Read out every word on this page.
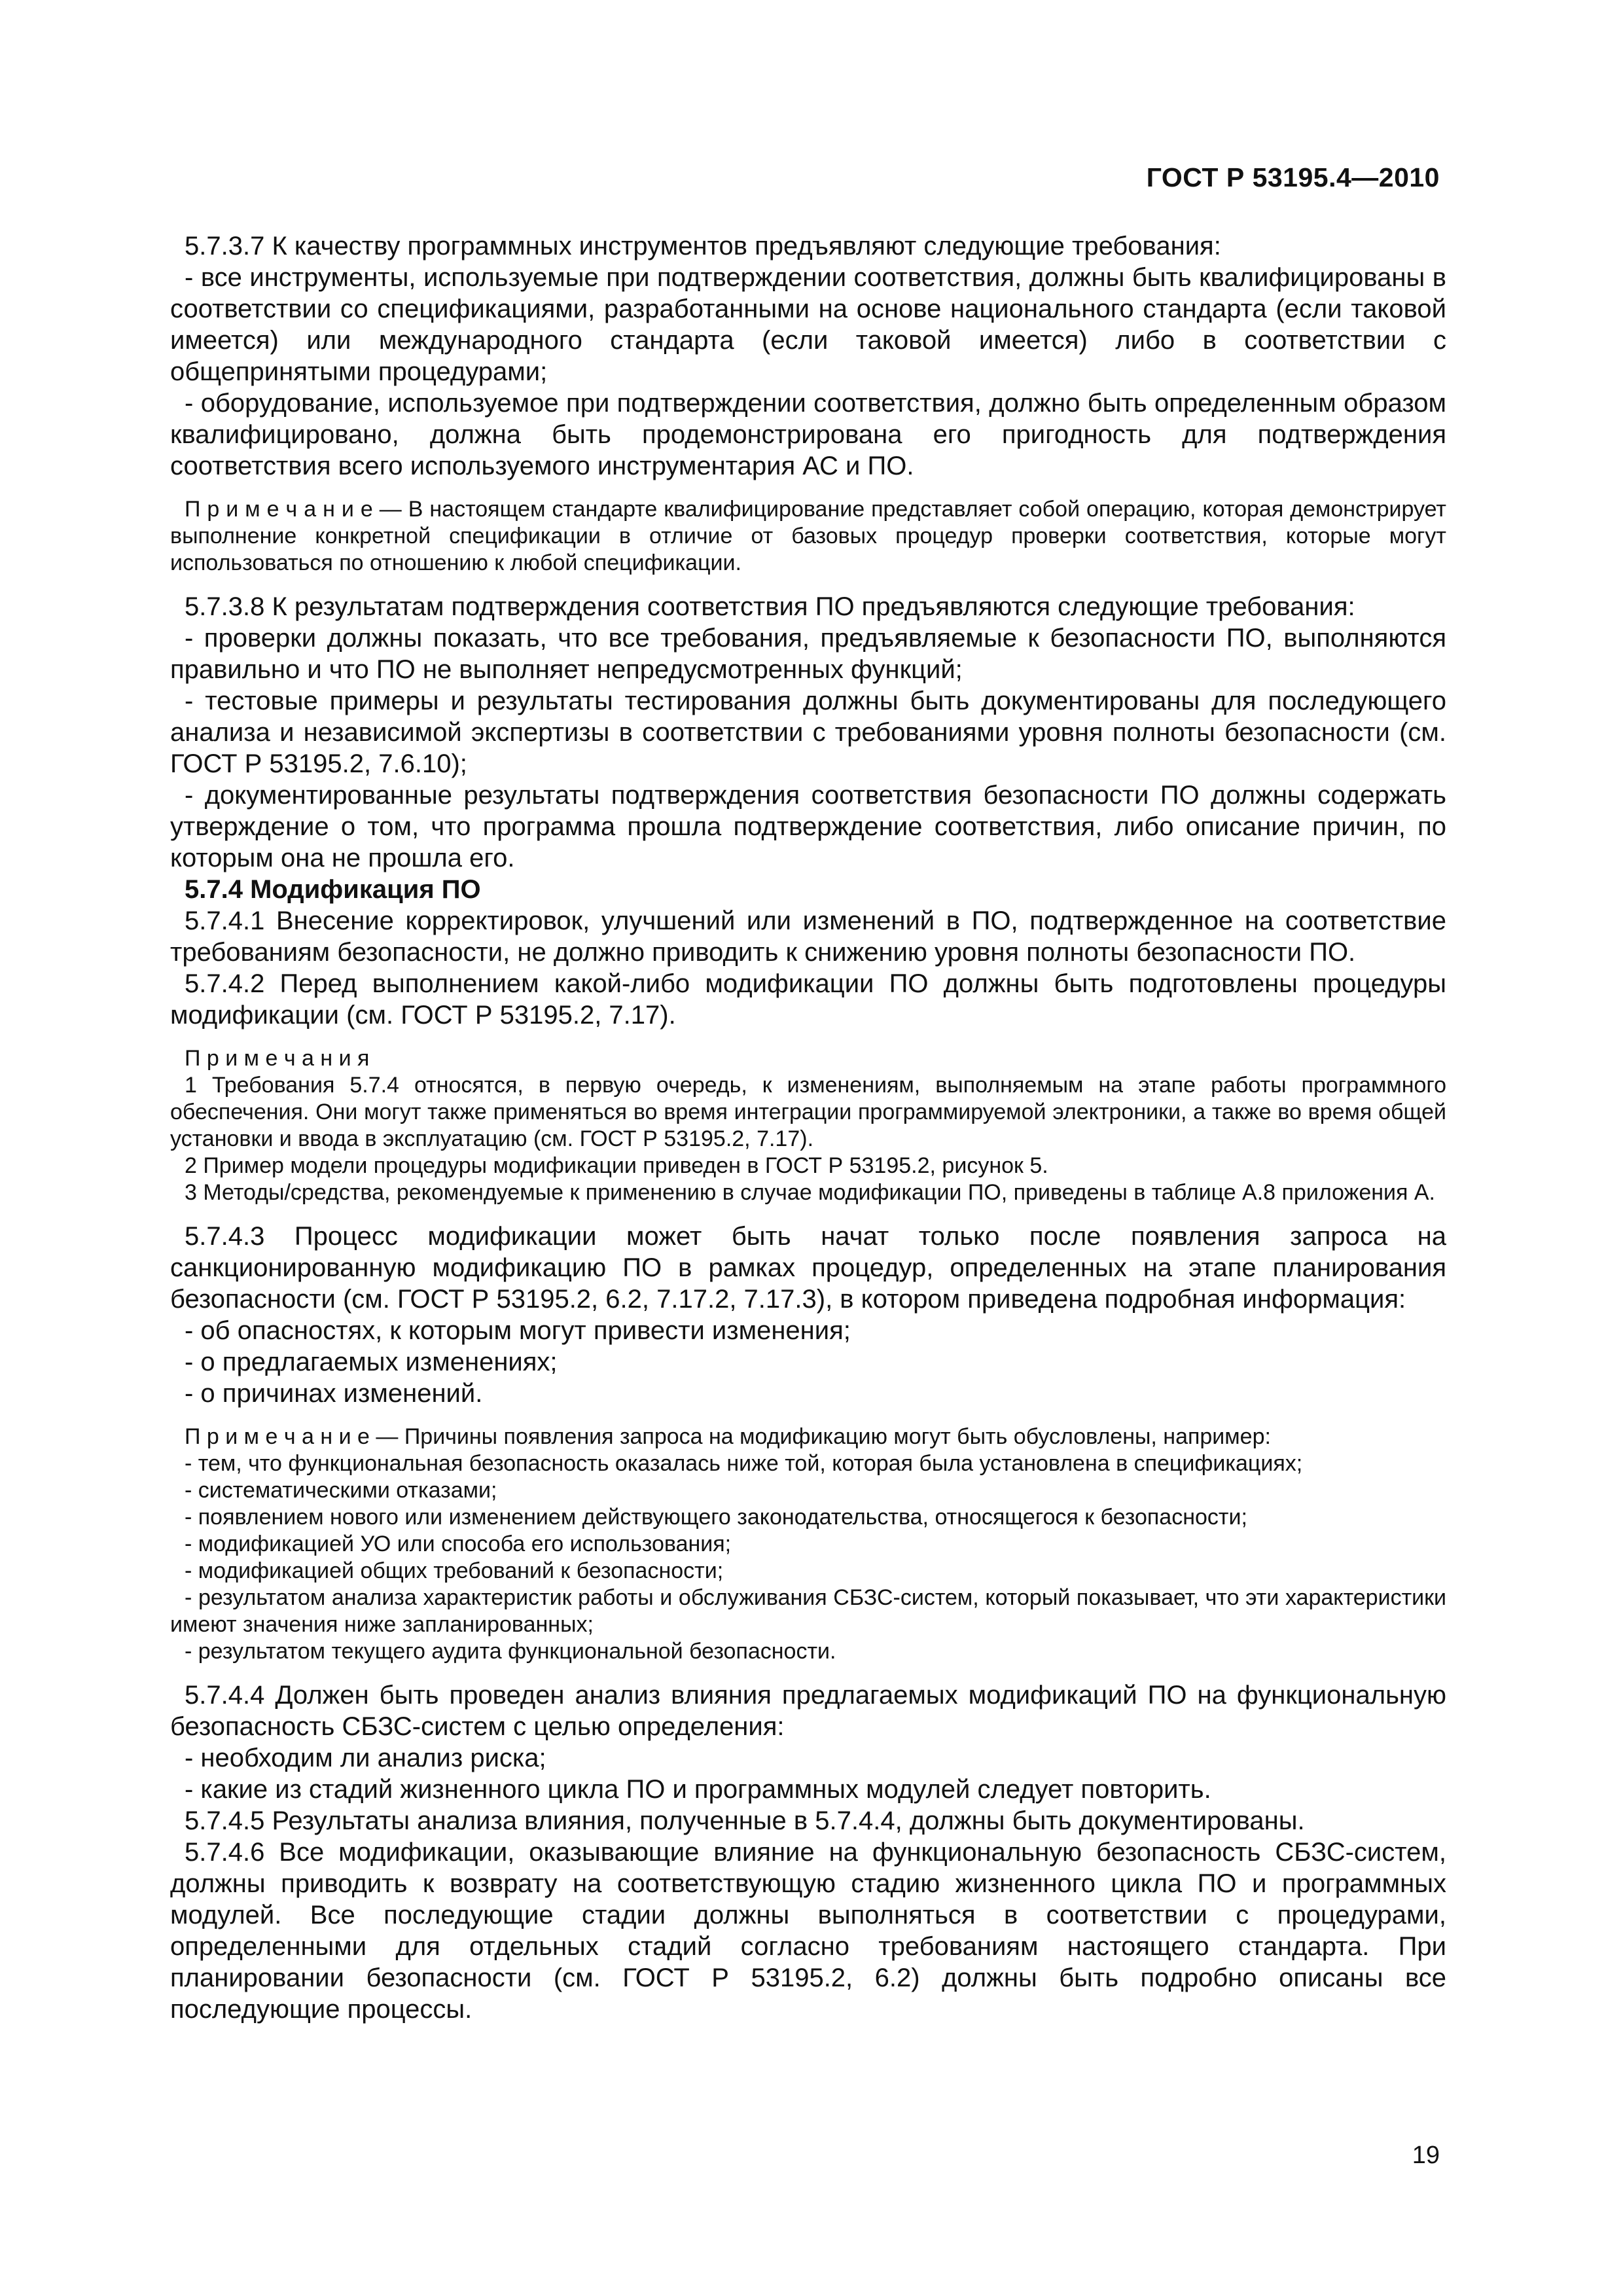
ГОСТ Р 53195.4—2010

5.7.3.7 К качеству программных инструментов предъявляют следующие требования:

- все инструменты, используемые при подтверждении соответствия, должны быть квалифицированы в соответствии со спецификациями, разработанными на основе национального стандарта (если таковой имеется) или международного стандарта (если таковой имеется) либо в соответствии с общепринятыми процедурами;

- оборудование, используемое при подтверждении соответствия, должно быть определенным образом квалифицировано, должна быть продемонстрирована его пригодность для подтверждения соответствия всего используемого инструментария АС и ПО.

П р и м е ч а н и е — В настоящем стандарте квалифицирование представляет собой операцию, которая демонстрирует выполнение конкретной спецификации в отличие от базовых процедур проверки соответствия, которые могут использоваться по отношению к любой спецификации.

5.7.3.8 К результатам подтверждения соответствия ПО предъявляются следующие требования:

- проверки должны показать, что все требования, предъявляемые к безопасности ПО, выполняются правильно и что ПО не выполняет непредусмотренных функций;

- тестовые примеры и результаты тестирования должны быть документированы для последующего анализа и независимой экспертизы в соответствии с требованиями уровня полноты безопасности (см. ГОСТ Р 53195.2, 7.6.10);

- документированные результаты подтверждения соответствия безопасности ПО должны содержать утверждение о том, что программа прошла подтверждение соответствия, либо описание причин, по которым она не прошла его.

5.7.4 Модификация ПО

5.7.4.1 Внесение корректировок, улучшений или изменений в ПО, подтвержденное на соответствие требованиям безопасности, не должно приводить к снижению уровня полноты безопасности ПО.

5.7.4.2 Перед выполнением какой-либо модификации ПО должны быть подготовлены процедуры модификации (см. ГОСТ Р 53195.2, 7.17).

П р и м е ч а н и я

1 Требования 5.7.4 относятся, в первую очередь, к изменениям, выполняемым на этапе работы программного обеспечения. Они могут также применяться во время интеграции программируемой электроники, а также во время общей установки и ввода в эксплуатацию (см. ГОСТ Р 53195.2, 7.17).

2 Пример модели процедуры модификации приведен в ГОСТ Р 53195.2, рисунок 5.

3 Методы/средства, рекомендуемые к применению в случае модификации ПО, приведены в таблице А.8 приложения А.

5.7.4.3 Процесс модификации может быть начат только после появления запроса на санкционированную модификацию ПО в рамках процедур, определенных на этапе планирования безопасности (см. ГОСТ Р 53195.2, 6.2, 7.17.2, 7.17.3), в котором приведена подробная информация:

- об опасностях, к которым могут привести изменения;

- о предлагаемых изменениях;

- о причинах изменений.

П р и м е ч а н и е — Причины появления запроса на модификацию могут быть обусловлены, например:

- тем, что функциональная безопасность оказалась ниже той, которая была установлена в спецификациях;

- систематическими отказами;

- появлением нового или изменением действующего законодательства, относящегося к безопасности;

- модификацией УО или способа его использования;

- модификацией общих требований к безопасности;

- результатом анализа характеристик работы и обслуживания СБЗС-систем, который показывает, что эти характеристики имеют значения ниже запланированных;

- результатом текущего аудита функциональной безопасности.

5.7.4.4 Должен быть проведен анализ влияния предлагаемых модификаций ПО на функциональную безопасность СБЗС-систем с целью определения:

- необходим ли анализ риска;

- какие из стадий жизненного цикла ПО и программных модулей следует повторить.

5.7.4.5 Результаты анализа влияния, полученные в 5.7.4.4, должны быть документированы.

5.7.4.6 Все модификации, оказывающие влияние на функциональную безопасность СБЗС-систем, должны приводить к возврату на соответствующую стадию жизненного цикла ПО и программных модулей. Все последующие стадии должны выполняться в соответствии с процедурами, определенными для отдельных стадий согласно требованиям настоящего стандарта. При планировании безопасности (см. ГОСТ Р 53195.2, 6.2) должны быть подробно описаны все последующие процессы.

19
